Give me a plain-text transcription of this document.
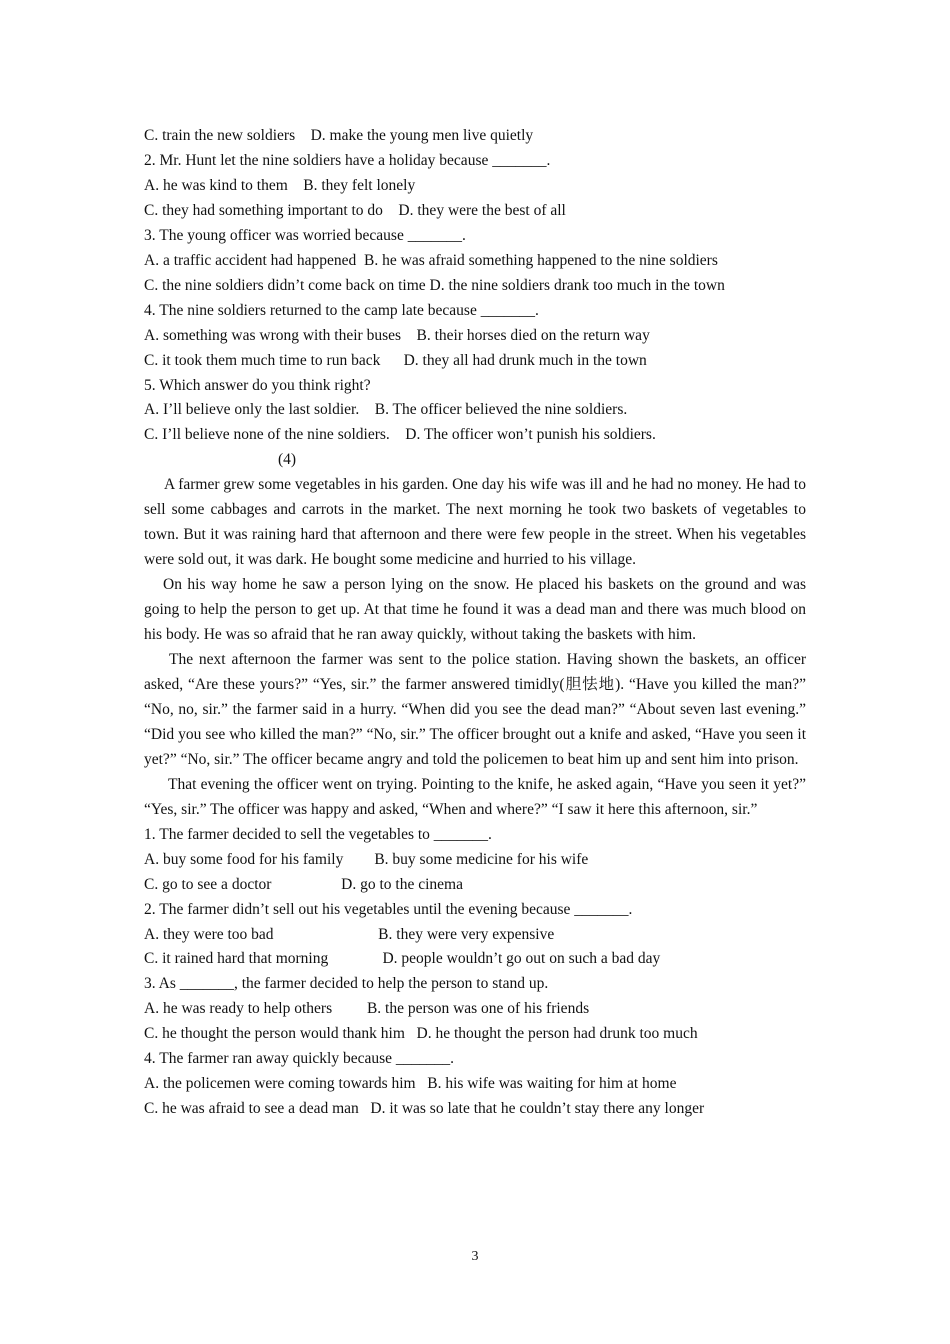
C. train the new soldiers    D. make the young men live quietly

2. Mr. Hunt let the nine soldiers have a holiday because _______.

A. he was kind to them    B. they felt lonely

C. they had something important to do    D. they were the best of all

3. The young officer was worried because _______.

A. a traffic accident had happened  B. he was afraid something happened to the nine soldiers

C. the nine soldiers didn’t come back on time D. the nine soldiers drank too much in the town

4. The nine soldiers returned to the camp late because _______.

A. something was wrong with their buses    B. their horses died on the return way

C. it took them much time to run back      D. they all had drunk much in the town

5. Which answer do you think right?

A. I’ll believe only the last soldier.    B. The officer believed the nine soldiers.

C. I’ll believe none of the nine soldiers.    D. The officer won’t punish his soldiers.

(4)

A farmer grew some vegetables in his garden. One day his wife was ill and he had no money. He had to sell some cabbages and carrots in the market. The next morning he took two baskets of vegetables to town. But it was raining hard that afternoon and there were few people in the street. When his vegetables were sold out, it was dark. He bought some medicine and hurried to his village.

On his way home he saw a person lying on the snow. He placed his baskets on the ground and was going to help the person to get up. At that time he found it was a dead man and there was much blood on his body. He was so afraid that he ran away quickly, without taking the baskets with him.

The next afternoon the farmer was sent to the police station. Having shown the baskets, an officer asked, “Are these yours?” “Yes, sir.” the farmer answered timidly(胆怯地). “Have you killed the man?” “No, no, sir.” the farmer said in a hurry. “When did you see the dead man?” “About seven last evening.” “Did you see who killed the man?” “No, sir.” The officer brought out a knife and asked, “Have you seen it yet?” “No, sir.” The officer became angry and told the policemen to beat him up and sent him into prison.

That evening the officer went on trying. Pointing to the knife, he asked again, “Have you seen it yet?” “Yes, sir.” The officer was happy and asked, “When and where?” “I saw it here this afternoon, sir.”

1. The farmer decided to sell the vegetables to _______.

A. buy some food for his family        B. buy some medicine for his wife

C. go to see a doctor                  D. go to the cinema

2. The farmer didn’t sell out his vegetables until the evening because _______.

A. they were too bad                           B. they were very expensive

C. it rained hard that morning              D. people wouldn’t go out on such a bad day

3. As _______, the farmer decided to help the person to stand up.

A. he was ready to help others         B. the person was one of his friends

C. he thought the person would thank him   D. he thought the person had drunk too much

4. The farmer ran away quickly because _______.

A. the policemen were coming towards him   B. his wife was waiting for him at home

C. he was afraid to see a dead man   D. it was so late that he couldn’t stay there any longer

3
